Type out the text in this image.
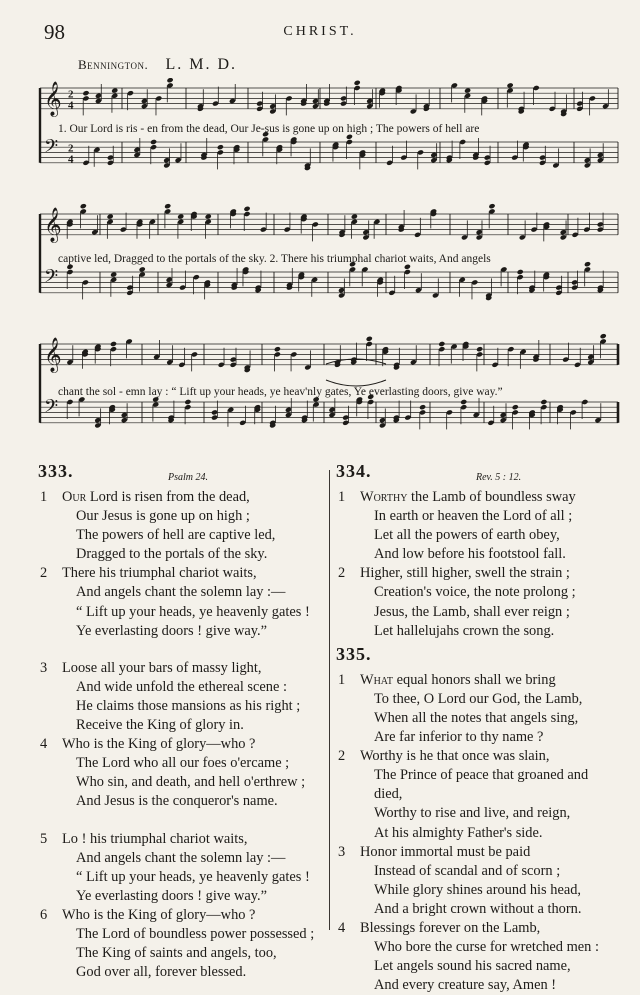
98	CHRIST.
Bennington. L. M. D.
𝄞
𝄢
𝄞
𝄢
𝄞
𝄢
2
4
2
4
1. Our Lord is ris - en from the dead, Our Je-sus is gone up on high ; The powers of hell are
captive led, Dragged to the portals of the sky. 2. There his triumphal chariot waits, And angels
chant the sol - emn lay : “ Lift up your heads, ye heav'nly gates, Ye everlasting doors, give way.”
333.	Psalm 24.
1	Our Lord is risen from the dead,
Our Jesus is gone up on high ;
The powers of hell are captive led,
Dragged to the portals of the sky.
2	There his triumphal chariot waits,
And angels chant the solemn lay :—
“ Lift up your heads, ye heavenly gates !
Ye everlasting doors ! give way.”
3	Loose all your bars of massy light,
And wide unfold the ethereal scene :
He claims those mansions as his right ;
Receive the King of glory in.
4	Who is the King of glory—who ?
The Lord who all our foes o'ercame ;
Who sin, and death, and hell o'erthrew ;
And Jesus is the conqueror's name.
5	Lo ! his triumphal chariot waits,
And angels chant the solemn lay :—
“ Lift up your heads, ye heavenly gates !
Ye everlasting doors ! give way.”
6	Who is the King of glory—who ?
The Lord of boundless power possessed ;
The King of saints and angels, too,
God over all, forever blessed.
334.	Rev. 5 : 12.
1	Worthy the Lamb of boundless sway
In earth or heaven the Lord of all ;
Let all the powers of earth obey,
And low before his footstool fall.
2	Higher, still higher, swell the strain ;
Creation's voice, the note prolong ;
Jesus, the Lamb, shall ever reign ;
Let hallelujahs crown the song.
335.
1	What equal honors shall we bring
To thee, O Lord our God, the Lamb,
When all the notes that angels sing,
Are far inferior to thy name ?
2	Worthy is he that once was slain,
The Prince of peace that groaned and
died,
Worthy to rise and live, and reign,
At his almighty Father's side.
3	Honor immortal must be paid
Instead of scandal and of scorn ;
While glory shines around his head,
And a bright crown without a thorn.
4	Blessings forever on the Lamb,
Who bore the curse for wretched men :
Let angels sound his sacred name,
And every creature say, Amen !
